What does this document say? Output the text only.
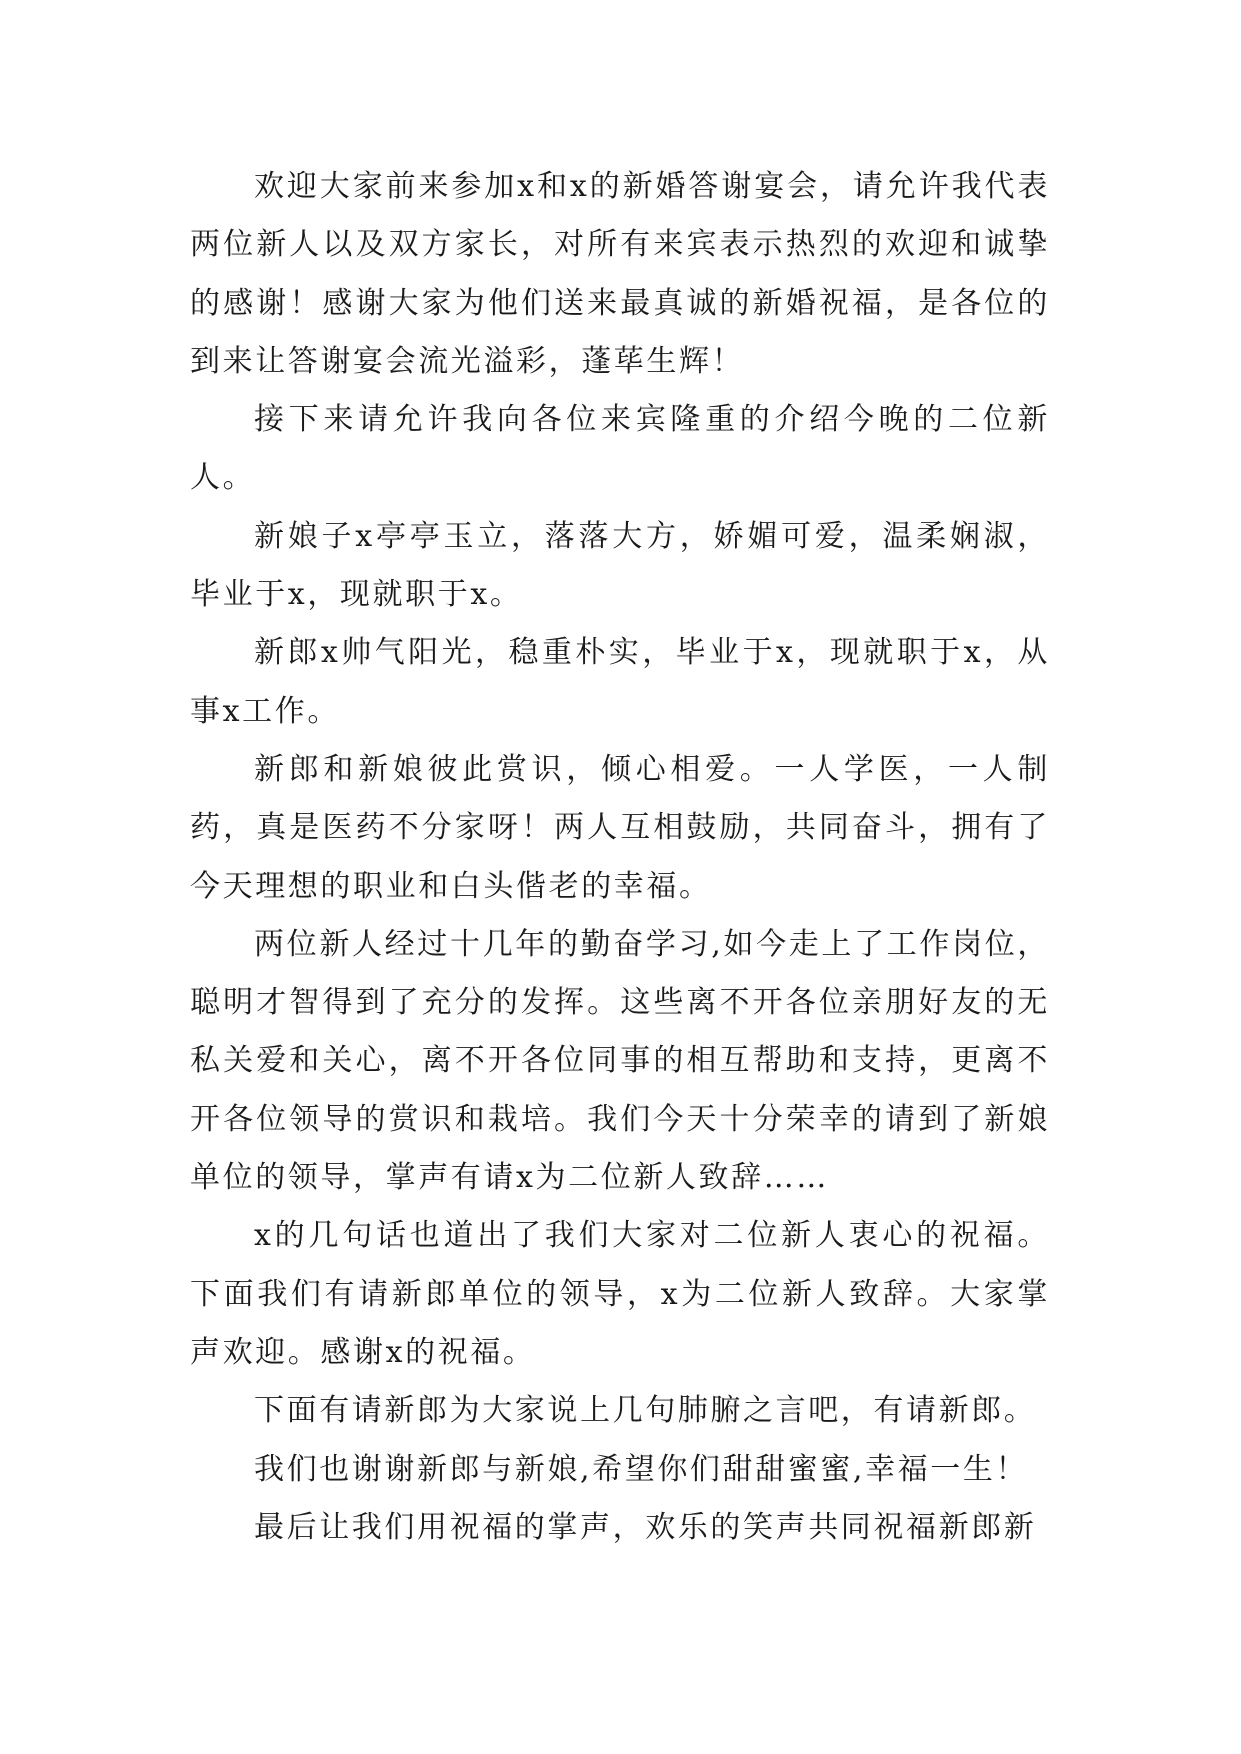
欢迎大家前来参加x和x的新婚答谢宴会，请允许我代表两位新人以及双方家长，对所有来宾表示热烈的欢迎和诚挚的感谢！感谢大家为他们送来最真诚的新婚祝福，是各位的到来让答谢宴会流光溢彩，蓬荜生辉！

接下来请允许我向各位来宾隆重的介绍今晚的二位新人。

新娘子x亭亭玉立，落落大方，娇媚可爱，温柔娴淑，毕业于x，现就职于x。

新郎x帅气阳光，稳重朴实，毕业于x，现就职于x，从事x工作。

新郎和新娘彼此赏识，倾心相爱。一人学医，一人制药，真是医药不分家呀！两人互相鼓励，共同奋斗，拥有了今天理想的职业和白头偕老的幸福。

两位新人经过十几年的勤奋学习,如今走上了工作岗位，聪明才智得到了充分的发挥。这些离不开各位亲朋好友的无私关爱和关心，离不开各位同事的相互帮助和支持，更离不开各位领导的赏识和栽培。我们今天十分荣幸的请到了新娘单位的领导，掌声有请x为二位新人致辞……

x的几句话也道出了我们大家对二位新人衷心的祝福。下面我们有请新郎单位的领导，x为二位新人致辞。大家掌声欢迎。感谢x的祝福。

下面有请新郎为大家说上几句肺腑之言吧，有请新郎。

我们也谢谢新郎与新娘,希望你们甜甜蜜蜜,幸福一生！

最后让我们用祝福的掌声，欢乐的笑声共同祝福新郎新
